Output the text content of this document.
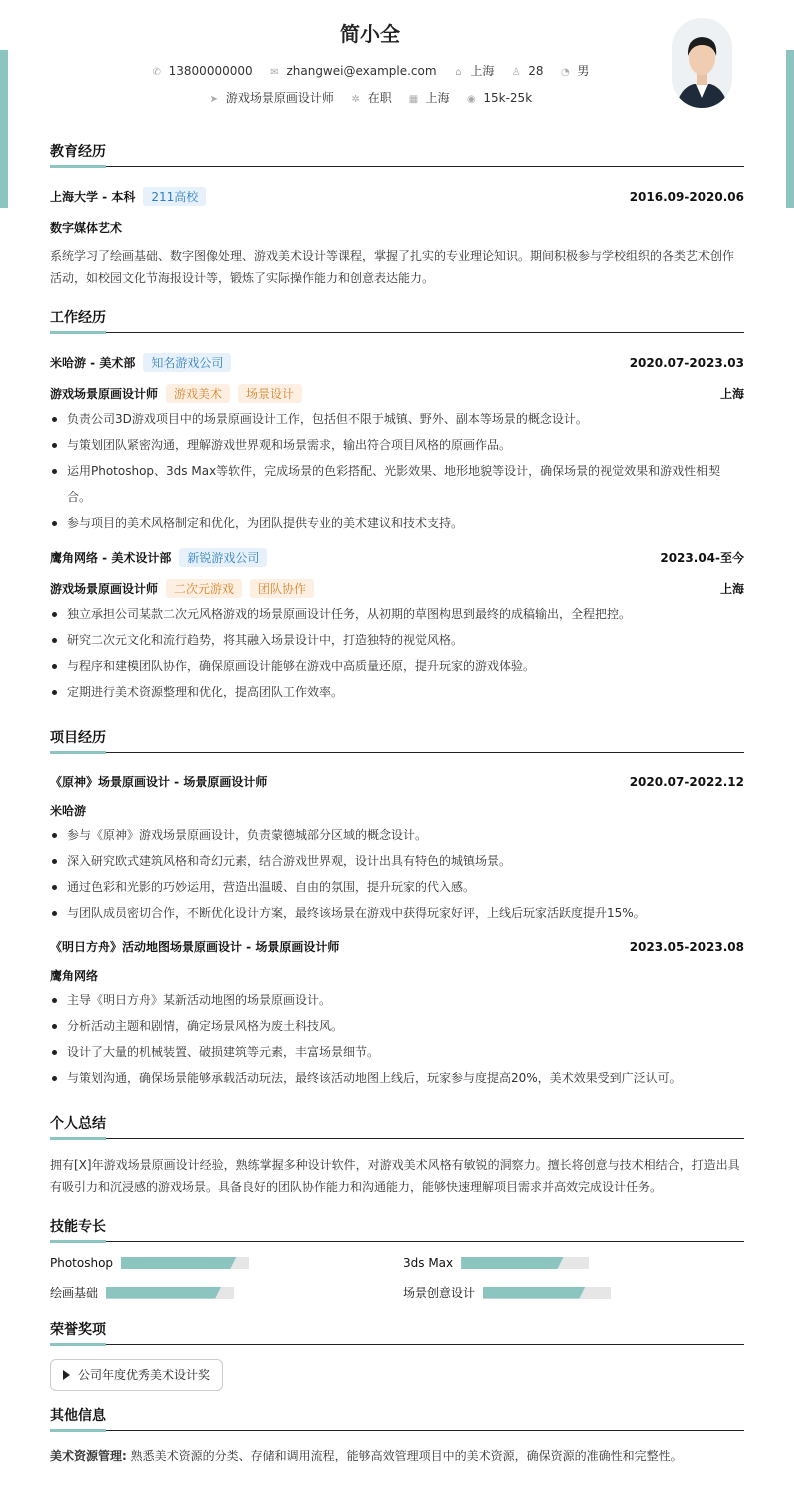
简小全
✆ 13800000000 ✉ zhangwei@example.com ⌂ 上海 ♙ 28 ◔ 男
➤ 游戏场景原画设计师 ✲ 在职 ▦ 上海 ◉ 15k-25k
教育经历
上海大学 - 本科 211高校	2016.09-2020.06
数字媒体艺术
系统学习了绘画基础、数字图像处理、游戏美术设计等课程，掌握了扎实的专业理论知识。期间积极参与学校组织的各类艺术创作活动，如校园文化节海报设计等，锻炼了实际操作能力和创意表达能力。
工作经历
米哈游 - 美术部 知名游戏公司	2020.07-2023.03
游戏场景原画设计师 游戏美术 场景设计	上海
负责公司3D游戏项目中的场景原画设计工作，包括但不限于城镇、野外、副本等场景的概念设计。
与策划团队紧密沟通，理解游戏世界观和场景需求，输出符合项目风格的原画作品。
运用Photoshop、3ds Max等软件，完成场景的色彩搭配、光影效果、地形地貌等设计，确保场景的视觉效果和游戏性相契合。
参与项目的美术风格制定和优化，为团队提供专业的美术建议和技术支持。
鹰角网络 - 美术设计部 新锐游戏公司	2023.04-至今
游戏场景原画设计师 二次元游戏 团队协作	上海
独立承担公司某款二次元风格游戏的场景原画设计任务，从初期的草图构思到最终的成稿输出，全程把控。
研究二次元文化和流行趋势，将其融入场景设计中，打造独特的视觉风格。
与程序和建模团队协作，确保原画设计能够在游戏中高质量还原，提升玩家的游戏体验。
定期进行美术资源整理和优化，提高团队工作效率。
项目经历
《原神》场景原画设计 - 场景原画设计师	2020.07-2022.12
米哈游
参与《原神》游戏场景原画设计，负责蒙德城部分区域的概念设计。
深入研究欧式建筑风格和奇幻元素，结合游戏世界观，设计出具有特色的城镇场景。
通过色彩和光影的巧妙运用，营造出温暖、自由的氛围，提升玩家的代入感。
与团队成员密切合作，不断优化设计方案，最终该场景在游戏中获得玩家好评，上线后玩家活跃度提升15%。
《明日方舟》活动地图场景原画设计 - 场景原画设计师	2023.05-2023.08
鹰角网络
主导《明日方舟》某新活动地图的场景原画设计。
分析活动主题和剧情，确定场景风格为废土科技风。
设计了大量的机械装置、破损建筑等元素，丰富场景细节。
与策划沟通，确保场景能够承载活动玩法，最终该活动地图上线后，玩家参与度提高20%，美术效果受到广泛认可。
个人总结
拥有[X]年游戏场景原画设计经验，熟练掌握多种设计软件，对游戏美术风格有敏锐的洞察力。擅长将创意与技术相结合，打造出具有吸引力和沉浸感的游戏场景。具备良好的团队协作能力和沟通能力，能够快速理解项目需求并高效完成设计任务。
技能专长
Photoshop	3ds Max
绘画基础	场景创意设计
荣誉奖项
公司年度优秀美术设计奖
其他信息
美术资源管理: 熟悉美术资源的分类、存储和调用流程，能够高效管理项目中的美术资源，确保资源的准确性和完整性。
